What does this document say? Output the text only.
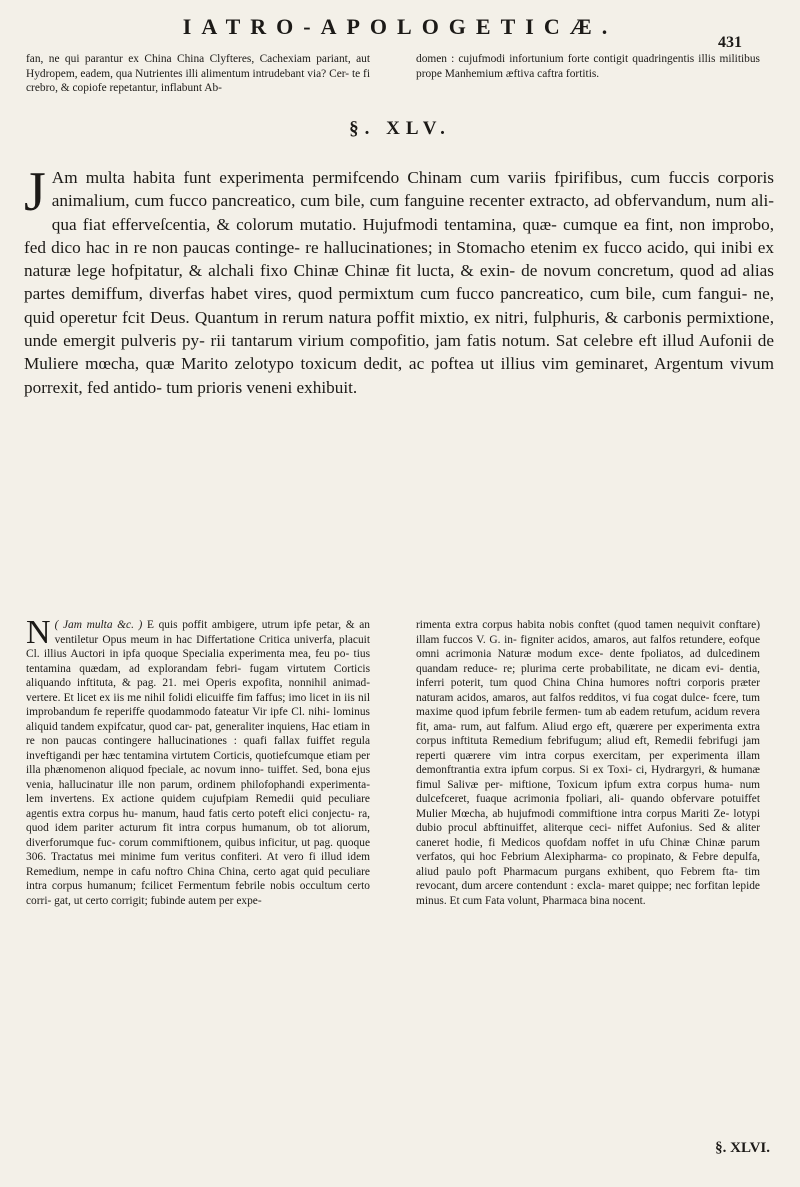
IATRO-APOLOGETICÆ.
431

fan, ne qui parantur ex China China Clyfteres, Cachexiam pariant, aut Hydropem, eadem, qua Nutrientes illi alimentum intrudebant via? Cer- te fi crebro, & copiofe repetantur, inflabunt Ab-

domen : cujufmodi infortunium forte contigit quadringentis illis militibus prope Manhemium æftiva caftra fortitis.

§. XLV.
J Am multa habita funt experimenta permifcendo Chinam cum variis fpirifibus, cum fuccis corporis animalium, cum fucco pancreatico, cum bile, cum fanguine recenter extracto, ad obfervandum, num ali- qua fiat efferveſcentia, & colorum mutatio. Hujufmodi tentamina, quæ- cumque ea fint, non improbo, fed dico hac in re non paucas continge- re hallucinationes; in Stomacho etenim ex fucco acido, qui inibi ex naturæ lege hofpitatur, & alchali fixo Chinæ Chinæ fit lucta, & exin- de novum concretum, quod ad alias partes demiffum, diverfas habet vires, quod permixtum cum fucco pancreatico, cum bile, cum fangui- ne, quid operetur fcit Deus. Quantum in rerum natura poffit mixtio, ex nitri, fulphuris, & carbonis permixtione, unde emergit pulveris py- rii tantarum virium compofitio, jam fatis notum. Sat celebre eft illud Aufonii de Muliere mœcha, quæ Marito zelotypo toxicum dedit, ac poftea ut illius vim geminaret, Argentum vivum porrexit, fed antido- tum prioris veneni exhibuit.

( Jam multa &c. )
N	E quis poffit ambigere, utrum ipfe petar, & an ventiletur Opus meum in hac Differtatione Critica univerfa, placuit Cl. illius Auctori in ipfa quoque Specialia experimenta mea, feu po- tius tentamina quædam, ad explorandam febri- fugam virtutem Corticis aliquando inftituta, & pag. 21. mei Operis expofita, nonnihil animad- vertere. Et licet ex iis me nihil folidi elicuiffe fim faffus; imo licet in iis nil improbandum fe reperiffe quodammodo fateatur Vir ipfe Cl. nihi- lominus aliquid tandem expifcatur, quod car- pat, generaliter inquiens, Hac etiam in re non paucas contingere hallucinationes : quafi fallax fuiffet regula inveftigandi per hæc tentamina virtutem Corticis, quotiefcumque etiam per illa phænomenon aliquod fpeciale, ac novum inno- tuiffet. Sed, bona ejus venia, hallucinatur ille non parum, ordinem philofophandi experimenta- lem invertens. Ex actione quidem cujufpiam Remedii quid peculiare agentis extra corpus hu- manum, haud fatis certo poteft elici conjectu- ra, quod idem pariter acturum fit intra corpus humanum, ob tot aliorum, diverforumque fuc- corum commiftionem, quibus inficitur, ut pag. quoque 306. Tractatus mei minime fum veritus confiteri. At vero fi illud idem Remedium, nempe in cafu noftro China China, certo agat quid peculiare intra corpus humanum; fcilicet Fermentum febrile nobis occultum certo corri- gat, ut certo corrigit; fubinde autem per expe-

rimenta extra corpus habita nobis conftet (quod tamen nequivit conftare) illam fuccos V. G. in- figniter acidos, amaros, aut falfos retundere, eofque omni acrimonia Naturæ modum exce- dente fpoliatos, ad dulcedinem quandam reduce- re; plurima certe probabilitate, ne dicam evi- dentia, inferri poterit, tum quod China China humores noftri corporis præter naturam acidos, amaros, aut falfos redditos, vi fua cogat dulce- fcere, tum maxime quod ipfum febrile fermen- tum ab eadem retufum, acidum revera fit, ama- rum, aut falfum. Aliud ergo eft, quærere per experimenta extra corpus inftituta Remedium febrifugum; aliud eft, Remedii febrifugi jam reperti quærere vim intra corpus exercitam, per experimenta illam demonftrantia extra ipfum corpus. Si ex Toxi- ci, Hydrargyri, & humanæ fimul Salivæ per- miftione, Toxicum ipfum extra corpus huma- num dulcefceret, fuaque acrimonia fpoliari, ali- quando obfervare potuiffet Mulier Mœcha, ab hujufmodi commiftione intra corpus Mariti Ze- lotypi dubio procul abftinuiffet, aliterque ceci- niffet Aufonius. Sed & aliter caneret hodie, fi Medicos quofdam noffet in ufu Chinæ Chinæ parum verfatos, qui hoc Febrium Alexipharma- co propinato, & Febre depulfa, aliud paulo poft Pharmacum purgans exhibent, quo Febrem fta- tim revocant, dum arcere contendunt : excla- maret quippe; nec forfitan lepide minus. Et cum Fata volunt, Pharmaca bina nocent.

§. XLVI.
